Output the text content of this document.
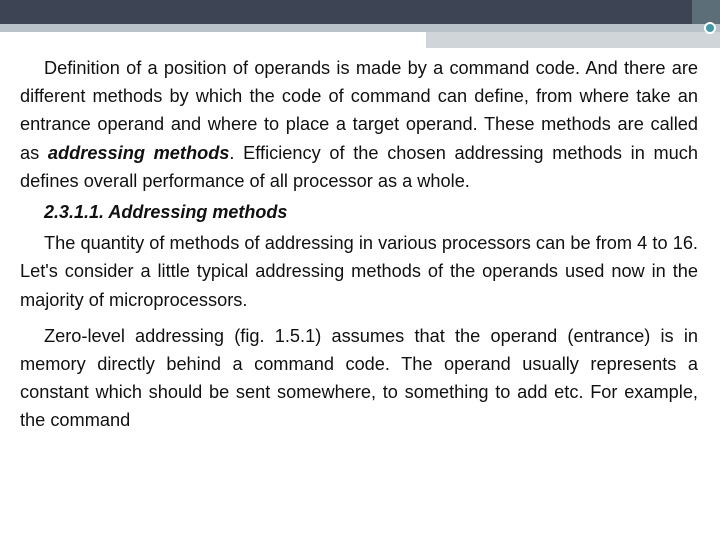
Definition of a position of operands is made by a command code. And there are different methods by which the code of command can define, from where take an entrance operand and where to place a target operand. These methods are called as addressing methods. Efficiency of the chosen addressing methods in much defines overall performance of all processor as a whole.

2.3.1.1. Addressing methods

The quantity of methods of addressing in various processors can be from 4 to 16. Let's consider a little typical addressing methods of the operands used now in the majority of microprocessors.

Zero-level addressing (fig. 1.5.1) assumes that the operand (entrance) is in memory directly behind a command code. The operand usually represents a constant which should be sent somewhere, to something to add etc. For example, the command
